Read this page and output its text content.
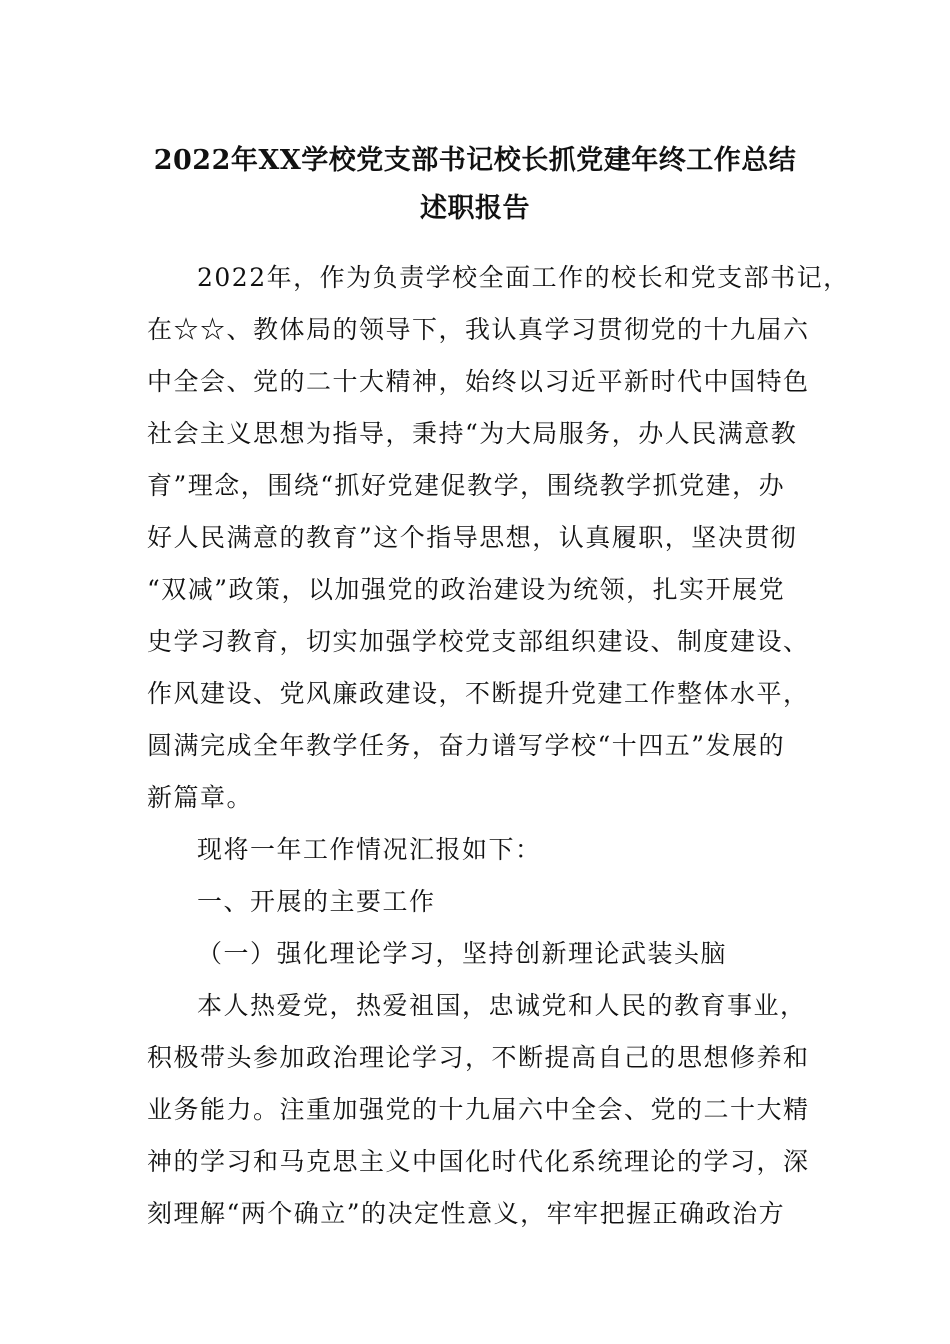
2022年XX学校党支部书记校长抓党建年终工作总结
述职报告
2022年，作为负责学校全面工作的校长和党支部书记，
在☆☆、教体局的领导下，我认真学习贯彻党的十九届六
中全会、党的二十大精神，始终以习近平新时代中国特色
社会主义思想为指导，秉持“为大局服务，办人民满意教
育”理念，围绕“抓好党建促教学，围绕教学抓党建，办
好人民满意的教育”这个指导思想，认真履职，坚决贯彻
“双减”政策，以加强党的政治建设为统领，扎实开展党
史学习教育，切实加强学校党支部组织建设、制度建设、
作风建设、党风廉政建设，不断提升党建工作整体水平，
圆满完成全年教学任务，奋力谱写学校“十四五”发展的
新篇章。
现将一年工作情况汇报如下：
一、开展的主要工作
（一）强化理论学习，坚持创新理论武装头脑
本人热爱党，热爱祖国，忠诚党和人民的教育事业，
积极带头参加政治理论学习，不断提高自己的思想修养和
业务能力。注重加强党的十九届六中全会、党的二十大精
神的学习和马克思主义中国化时代化系统理论的学习，深
刻理解“两个确立”的决定性意义，牢牢把握正确政治方
